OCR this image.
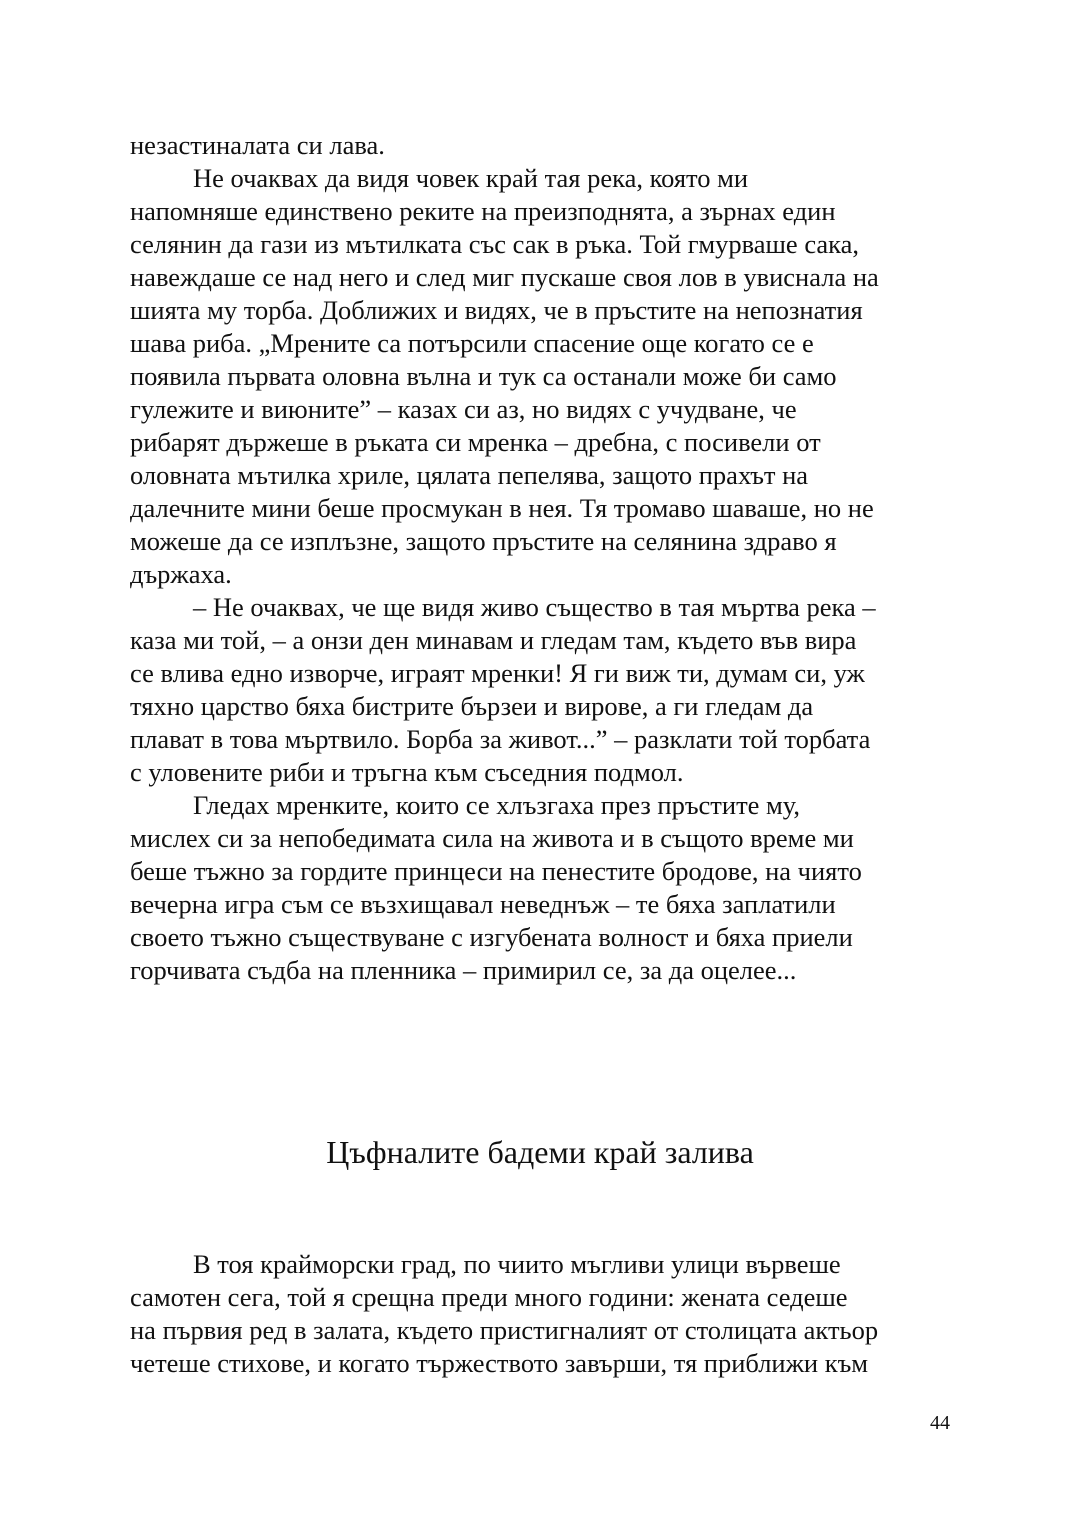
незастиналата си лава.
Не очаквах да видя човек край тая река, която ми
напомняше единствено реките на преизподнята, а зърнах един
селянин да гази из мътилката със сак в ръка. Той гмурваше сака,
навеждаше се над него и след миг пускаше своя лов в увиснала на
шията му торба. Доближих и видях, че в пръстите на непознатия
шава риба. „Мрените са потърсили спасение още когато се е
появила първата оловна вълна и тук са останали може би само
гулежите и виюните” – казах си аз, но видях с учудване, че
рибарят държеше в ръката си мренка – дребна, с посивели от
оловната мътилка хриле, цялата пепелява, защото прахът на
далечните мини беше просмукан в нея. Тя тромаво шаваше, но не
можеше да се изплъзне, защото пръстите на селянина здраво я
държаха.
– Не очаквах, че ще видя живо същество в тая мъртва река –
каза ми той, – а онзи ден минавам и гледам там, където във вира
се влива едно изворче, играят мренки! Я ги виж ти, думам си, уж
тяхно царство бяха бистрите бързеи и вирове, а ги гледам да
плават в това мъртвило. Борба за живот...” – разклати той торбата
с уловените риби и тръгна към съседния подмол.
Гледах мренките, които се хлъзгаха през пръстите му,
мислех си за непобедимата сила на живота и в същото време ми
беше тъжно за гордите принцеси на пенестите бродове, на чиято
вечерна игра съм се възхищавал неведнъж – те бяха заплатили
своето тъжно съществуване с изгубената волност и бяха приели
горчивата съдба на пленника – примирил се, за да оцелее...
Цъфналите бадеми край залива
В тоя крайморски град, по чиито мъгливи улици вървеше
самотен сега, той я срещна преди много години: жената седеше
на първия ред в залата, където пристигналият от столицата актьор
четеше стихове, и когато тържеството завърши, тя приближи към
44
